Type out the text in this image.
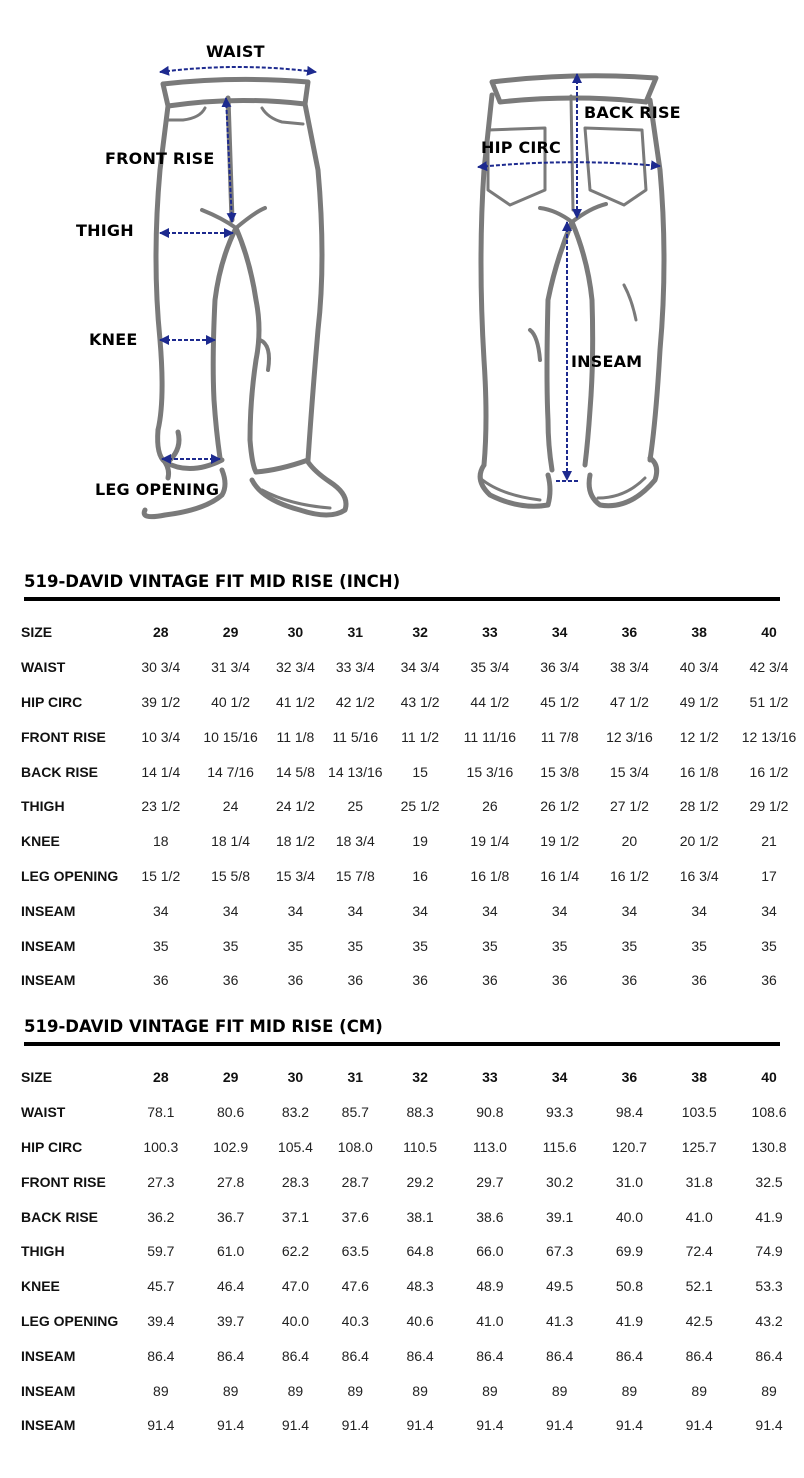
WAIST
FRONT RISE
THIGH
KNEE
LEG OPENING
BACK RISE
HIP CIRC
INSEAM
519-DAVID VINTAGE FIT MID RISE (INCH)
SIZE	28	29	30	31	32	33	34	36	38	40
WAIST	30 3/4	31 3/4	32 3/4	33 3/4	34 3/4	35 3/4	36 3/4	38 3/4	40 3/4	42 3/4
HIP CIRC	39 1/2	40 1/2	41 1/2	42 1/2	43 1/2	44 1/2	45 1/2	47 1/2	49 1/2	51 1/2
FRONT RISE	10 3/4	10 15/16	11 1/8	11 5/16	11 1/2	11 11/16	11 7/8	12 3/16	12 1/2	12 13/16
BACK RISE	14 1/4	14 7/16	14 5/8	14 13/16	15	15 3/16	15 3/8	15 3/4	16 1/8	16 1/2
THIGH	23 1/2	24	24 1/2	25	25 1/2	26	26 1/2	27 1/2	28 1/2	29 1/2
KNEE	18	18 1/4	18 1/2	18 3/4	19	19 1/4	19 1/2	20	20 1/2	21
LEG OPENING	15 1/2	15 5/8	15 3/4	15 7/8	16	16 1/8	16 1/4	16 1/2	16 3/4	17
INSEAM	34	34	34	34	34	34	34	34	34	34
INSEAM	35	35	35	35	35	35	35	35	35	35
INSEAM	36	36	36	36	36	36	36	36	36	36
519-DAVID VINTAGE FIT MID RISE (CM)
SIZE	28	29	30	31	32	33	34	36	38	40
WAIST	78.1	80.6	83.2	85.7	88.3	90.8	93.3	98.4	103.5	108.6
HIP CIRC	100.3	102.9	105.4	108.0	110.5	113.0	115.6	120.7	125.7	130.8
FRONT RISE	27.3	27.8	28.3	28.7	29.2	29.7	30.2	31.0	31.8	32.5
BACK RISE	36.2	36.7	37.1	37.6	38.1	38.6	39.1	40.0	41.0	41.9
THIGH	59.7	61.0	62.2	63.5	64.8	66.0	67.3	69.9	72.4	74.9
KNEE	45.7	46.4	47.0	47.6	48.3	48.9	49.5	50.8	52.1	53.3
LEG OPENING	39.4	39.7	40.0	40.3	40.6	41.0	41.3	41.9	42.5	43.2
INSEAM	86.4	86.4	86.4	86.4	86.4	86.4	86.4	86.4	86.4	86.4
INSEAM	89	89	89	89	89	89	89	89	89	89
INSEAM	91.4	91.4	91.4	91.4	91.4	91.4	91.4	91.4	91.4	91.4
